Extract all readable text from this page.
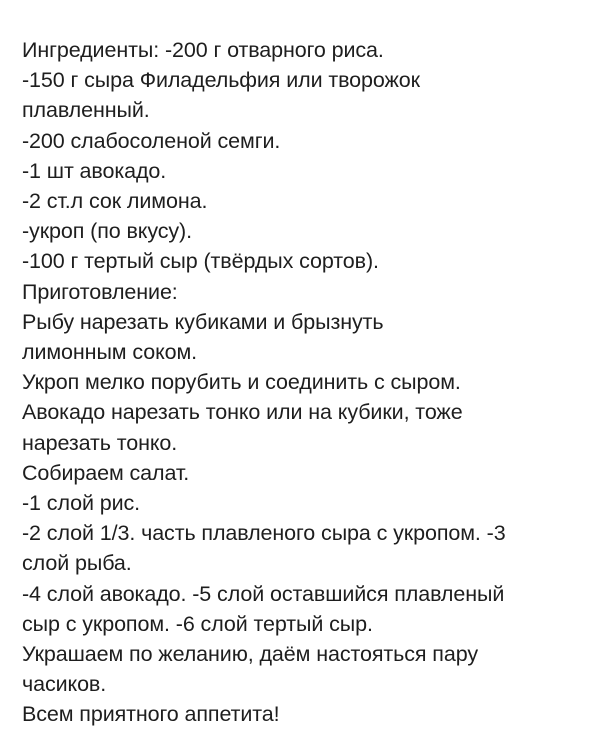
Ингредиенты: -200 г отварного риса.
-150 г сыра Филадельфия или творожок
плавленный.
-200 слабосоленой семги.
-1 шт авокадо.
-2 ст.л сок лимона.
-укроп (по вкусу).
-100 г тертый сыр (твёрдых сортов).
Приготовление:
Рыбу нарезать кубиками и брызнуть
лимонным соком.
Укроп мелко порубить и соединить с сыром.
Авокадо нарезать тонко или на кубики, тоже
нарезать тонко.
Собираем салат.
-1 слой рис.
-2 слой 1/3. часть плавленого сыра с укропом. -3
слой рыба.
-4 слой авокадо. -5 слой оставшийся плавленый
сыр с укропом. -6 слой тертый сыр.
Украшаем по желанию, даём настояться пару
часиков.
Всем приятного аппетита!
